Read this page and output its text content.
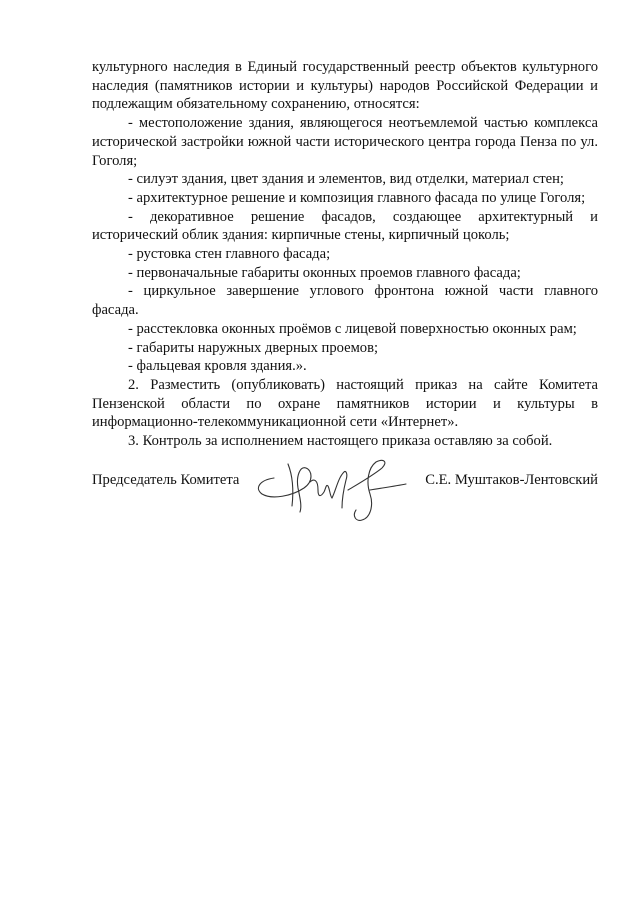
культурного наследия в Единый государственный реестр объектов культурного наследия (памятников истории и культуры) народов Российской Федерации и подлежащим обязательному сохранению, относятся:

- местоположение здания, являющегося неотъемлемой частью комплекса исторической застройки южной части исторического центра города Пенза по ул. Гоголя;

- силуэт здания, цвет здания и элементов, вид отделки, материал стен;

- архитектурное решение и композиция главного фасада по улице Гоголя;

- декоративное решение фасадов, создающее архитектурный и исторический облик здания: кирпичные стены, кирпичный цоколь;

- рустовка стен главного фасада;

- первоначальные габариты оконных проемов главного фасада;

- циркульное завершение углового фронтона южной части главного фасада.

- расстекловка оконных проёмов с лицевой поверхностью оконных рам;

- габариты наружных дверных проемов;

- фальцевая кровля здания.».

2. Разместить (опубликовать) настоящий приказ на сайте Комитета Пензенской области по охране памятников истории и культуры в информационно-телекоммуникационной сети «Интернет».

3. Контроль за исполнением настоящего приказа оставляю за собой.

Председатель Комитета	С.Е. Муштаков-Лентовский
